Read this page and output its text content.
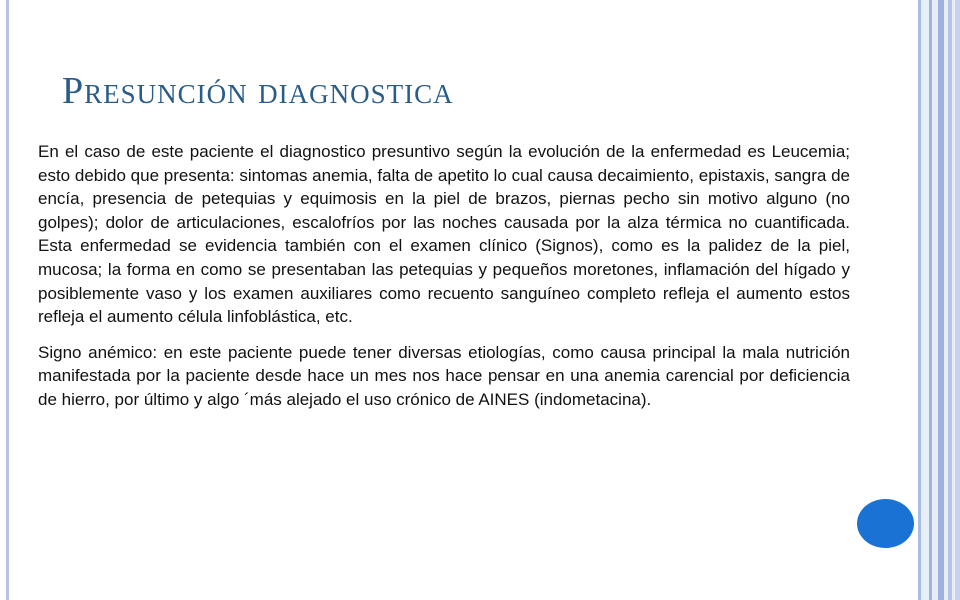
Presunción diagnostica

En el caso de este paciente el diagnostico presuntivo según la evolución de la enfermedad es Leucemia; esto debido que presenta: sintomas anemia, falta de apetito lo cual causa decaimiento, epistaxis, sangra de encía, presencia de petequias y equimosis en la piel de brazos, piernas pecho sin motivo alguno (no golpes); dolor de articulaciones, escalofríos por las noches causada por la alza térmica no cuantificada. Esta enfermedad se evidencia también con el examen clínico (Signos), como es la palidez de la piel, mucosa; la forma en como se presentaban las petequias y pequeños moretones, inflamación del hígado y posiblemente vaso y los examen auxiliares como recuento sanguíneo completo refleja el aumento estos refleja el aumento célula linfoblástica, etc.

Signo anémico: en este paciente puede tener diversas etiologías, como causa principal la mala nutrición manifestada por la paciente desde hace un mes nos hace pensar en una anemia carencial por deficiencia de hierro, por último y algo ´más alejado el uso crónico de AINES (indometacina).
